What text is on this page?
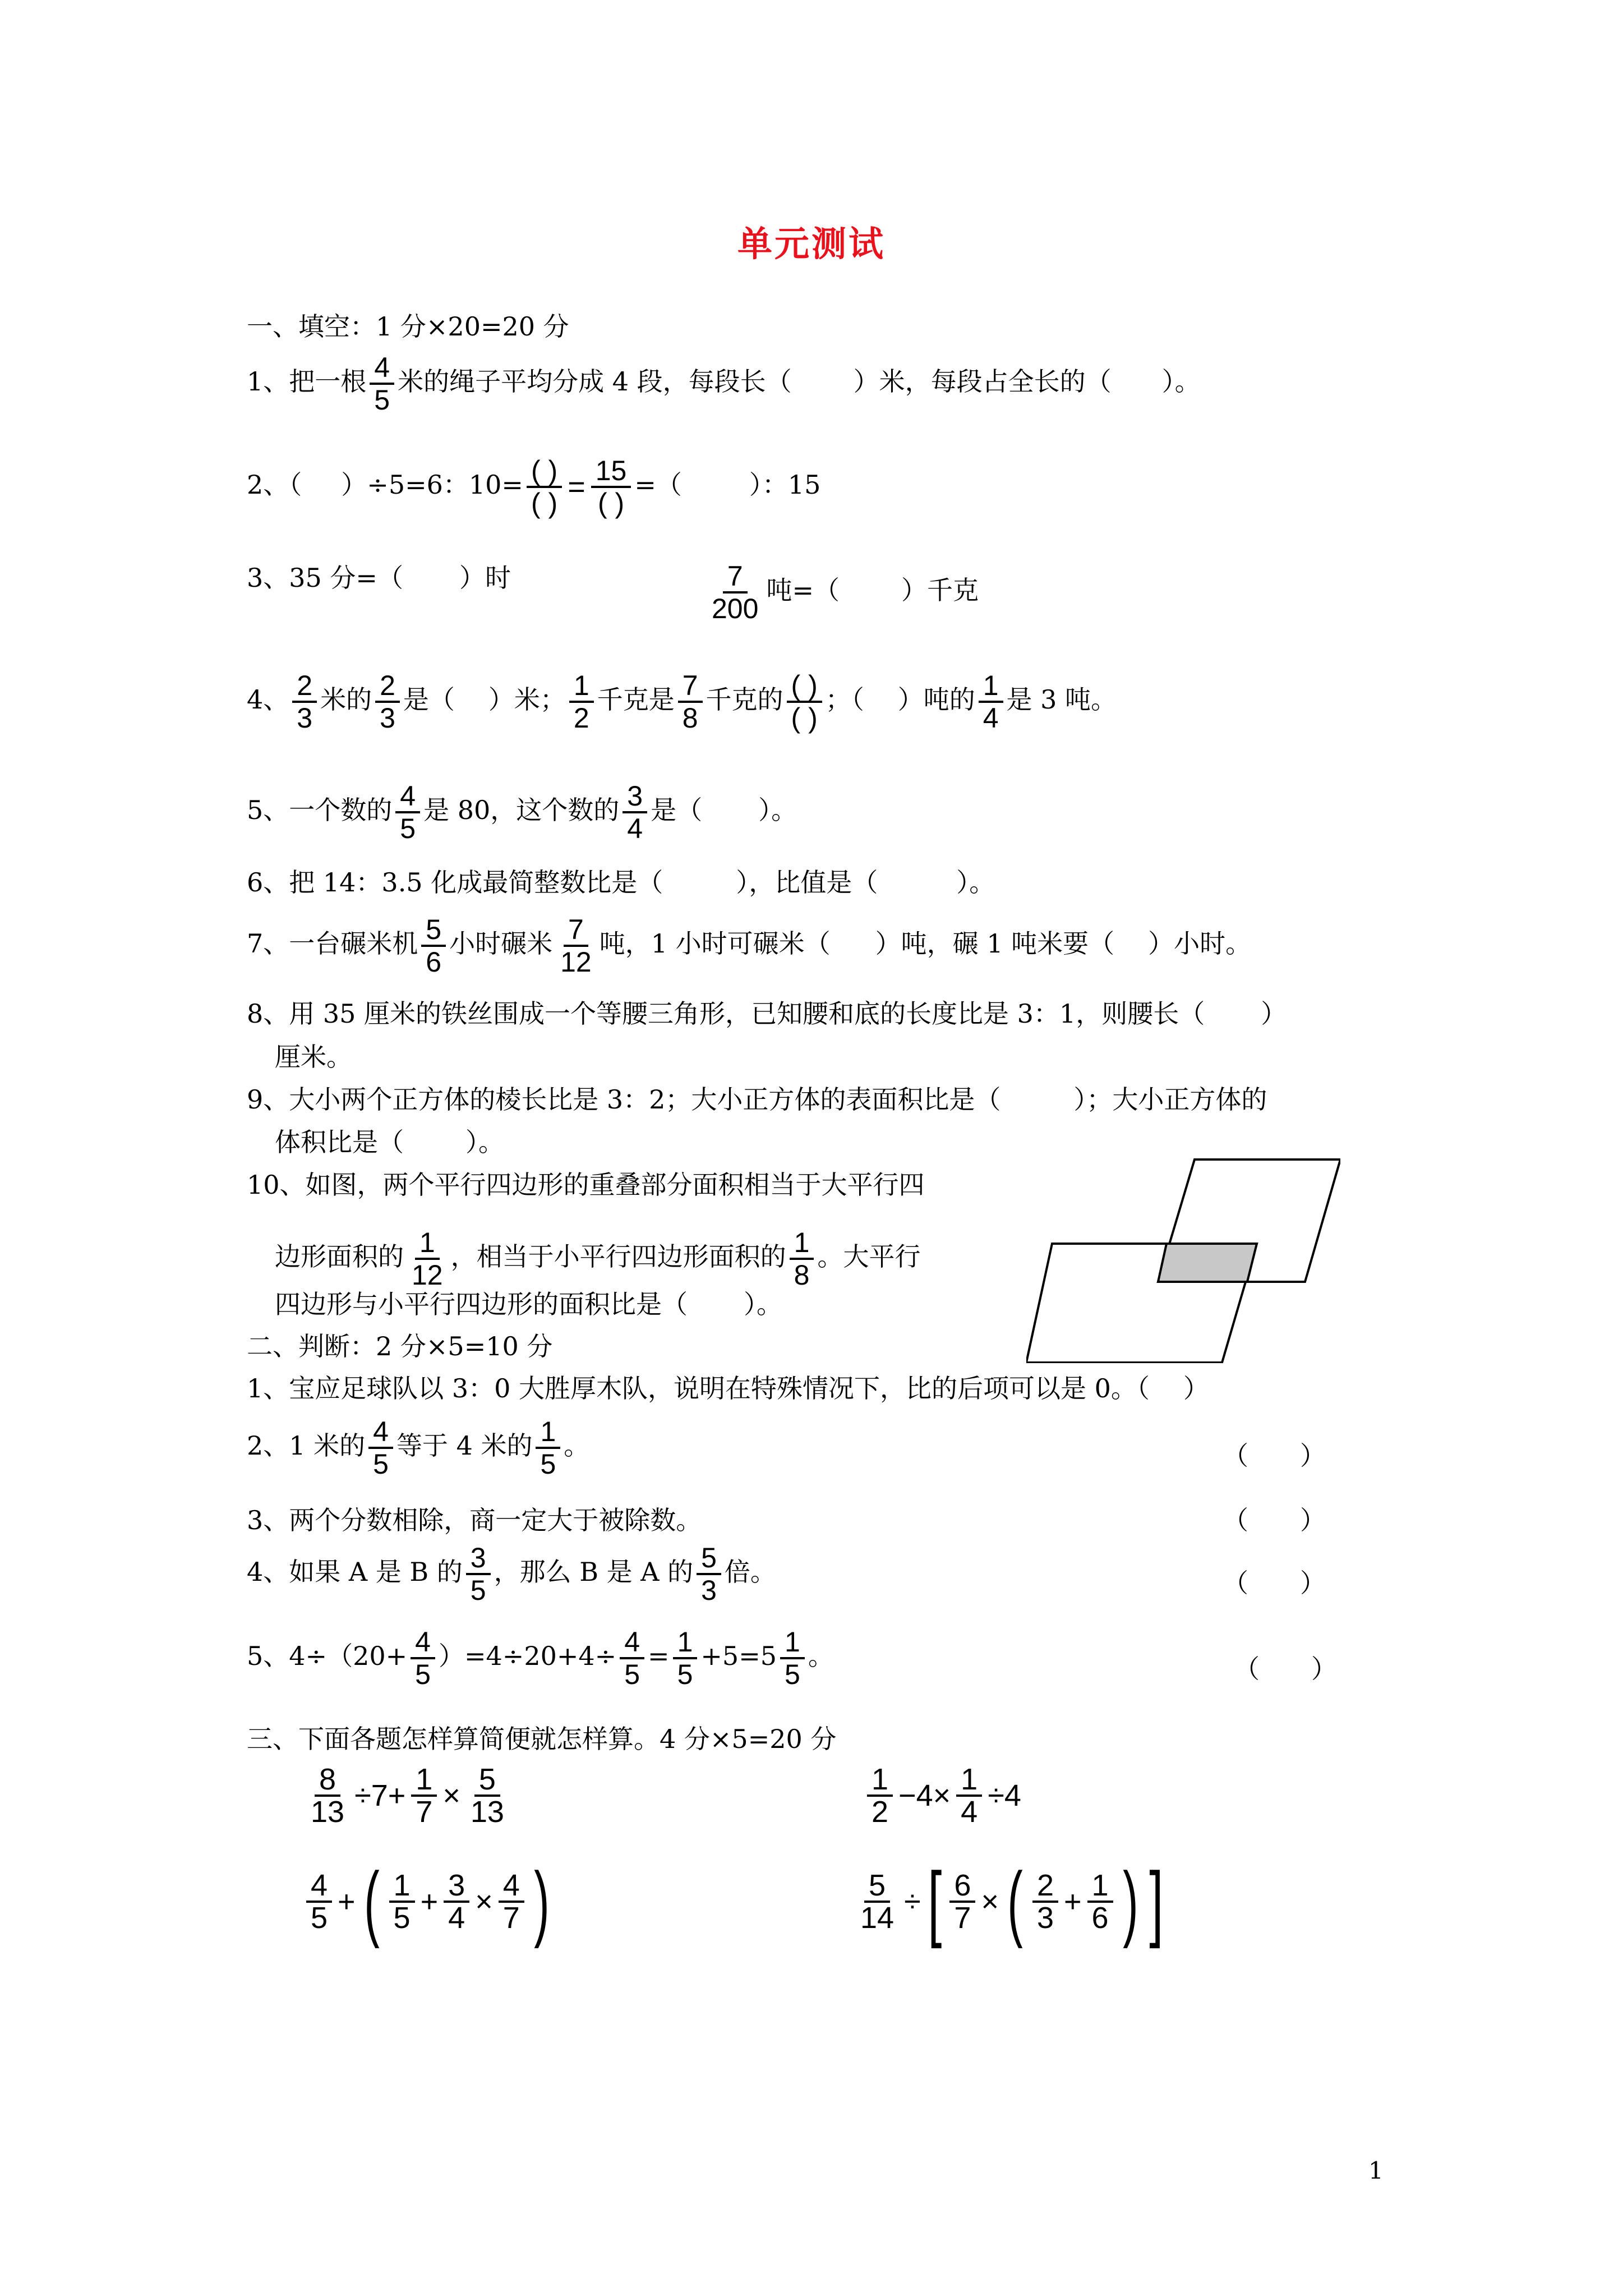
单元测试
一、填空：1 分×20=20 分
1、把一根 $\frac{4}{5}$ 米的绳子平均分成 4 段，每段长（ ）米，每段占全长的（ ）。
2、（ ）÷5=6：10= ( )
( ) = 15
( )
=（	）：15
3、35 分=（ ）时	$\frac{7}{200}$ 吨=（ ）千克
4、 $\frac{2}{3}$ 米的 $\frac{2}{3}$ 是（ ）米； $\frac{1}{2}$ 千克是 $\frac{7}{8}$ 千克的 ( )
( )
；（ ）吨的 $\frac{1}{4}$ 是 3 吨。
5、一个数的 $\frac{4}{5}$ 是 80，这个数的 $\frac{3}{4}$ 是（ ）。
6、把 14：3.5 化成最简整数比是（	），比值是（	）。
7、一台碾米机 $\frac{5}{6}$ 小时碾米 $\frac{7}{12}$ 吨，1 小时可碾米（ ）吨，碾 1 吨米要（ ）小时。
8、用 35 厘米的铁丝围成一个等腰三角形，已知腰和底的长度比是 3：1，则腰长（ ）
厘米。
9、大小两个正方体的棱长比是 3：2；大小正方体的表面积比是（	）；大小正方体的
体积比是（ ）。
10、如图，两个平行四边形的重叠部分面积相当于大平行四
边形面积的 $\frac{1}{12}$ ，相当于小平行四边形面积的 $\frac{1}{8}$ 。大平行
四边形与小平行四边形的面积比是（ ）。
二、判断：2 分×5=10 分
1、宝应足球队以 3：0 大胜厚木队，说明在特殊情况下，比的后项可以是 0。（ ）
2、1 米的 $\frac{4}{5}$ 等于 4 米的 $\frac{1}{5}$ 。	（　　）
3、两个分数相除，商一定大于被除数。	（　　）
4、如果 A 是 B 的 $\frac{3}{5}$ ，那么 B 是 A 的 $\frac{5}{3}$ 倍。	（　　）
5、$4\div(20+ \frac{4}{5} )=4\div 20+4\div \frac{4}{5} = \frac{1}{5} +5=5 \frac{1}{5}$ 。	（　　）
三、下面各题怎样算简便就怎样算。4 分×5=20 分
$\frac{8}{13} \div 7+ \frac{1}{7} \times \frac{5}{13}$	$\frac{1}{2} -4\times \frac{1}{4} \div 4$
$\frac{4}{5}$ + ( $\frac{1}{5} + \frac{3}{4} \times \frac{4}{7}$ )	$\frac{5}{14}$ ÷[ $\frac{6}{7}$ × ( $\frac{2}{3} + \frac{1}{6}$ ) ]
1
